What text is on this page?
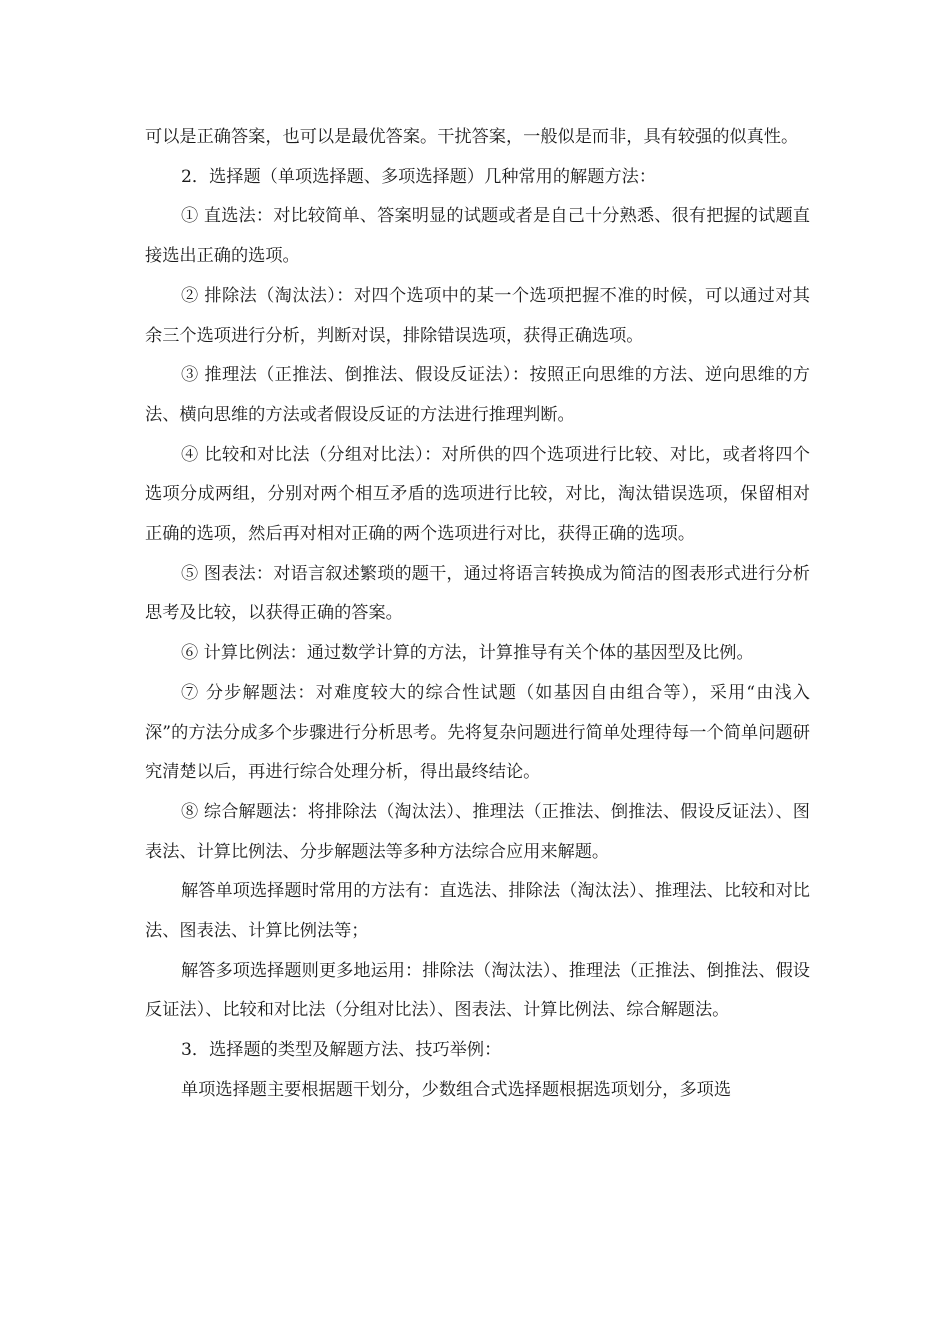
可以是正确答案，也可以是最优答案。干扰答案，一般似是而非，具有较强的似真性。

2．选择题（单项选择题、多项选择题）几种常用的解题方法：

① 直选法：对比较简单、答案明显的试题或者是自己十分熟悉、很有把握的试题直接选出正确的选项。

② 排除法（淘汰法）：对四个选项中的某一个选项把握不准的时候，可以通过对其余三个选项进行分析，判断对误，排除错误选项，获得正确选项。

③ 推理法（正推法、倒推法、假设反证法）：按照正向思维的方法、逆向思维的方法、横向思维的方法或者假设反证的方法进行推理判断。

④ 比较和对比法（分组对比法）：对所供的四个选项进行比较、对比，或者将四个选项分成两组，分别对两个相互矛盾的选项进行比较，对比，淘汰错误选项，保留相对正确的选项，然后再对相对正确的两个选项进行对比，获得正确的选项。

⑤ 图表法：对语言叙述繁琐的题干，通过将语言转换成为简洁的图表形式进行分析思考及比较，以获得正确的答案。

⑥ 计算比例法：通过数学计算的方法，计算推导有关个体的基因型及比例。

⑦ 分步解题法：对难度较大的综合性试题（如基因自由组合等），采用“由浅入深”的方法分成多个步骤进行分析思考。先将复杂问题进行简单处理待每一个简单问题研究清楚以后，再进行综合处理分析，得出最终结论。

⑧ 综合解题法：将排除法（淘汰法）、推理法（正推法、倒推法、假设反证法）、图表法、计算比例法、分步解题法等多种方法综合应用来解题。

解答单项选择题时常用的方法有：直选法、排除法（淘汰法）、推理法、比较和对比法、图表法、计算比例法等；

解答多项选择题则更多地运用：排除法（淘汰法）、推理法（正推法、倒推法、假设反证法）、比较和对比法（分组对比法）、图表法、计算比例法、综合解题法。

3．选择题的类型及解题方法、技巧举例：

单项选择题主要根据题干划分，少数组合式选择题根据选项划分，多项选
